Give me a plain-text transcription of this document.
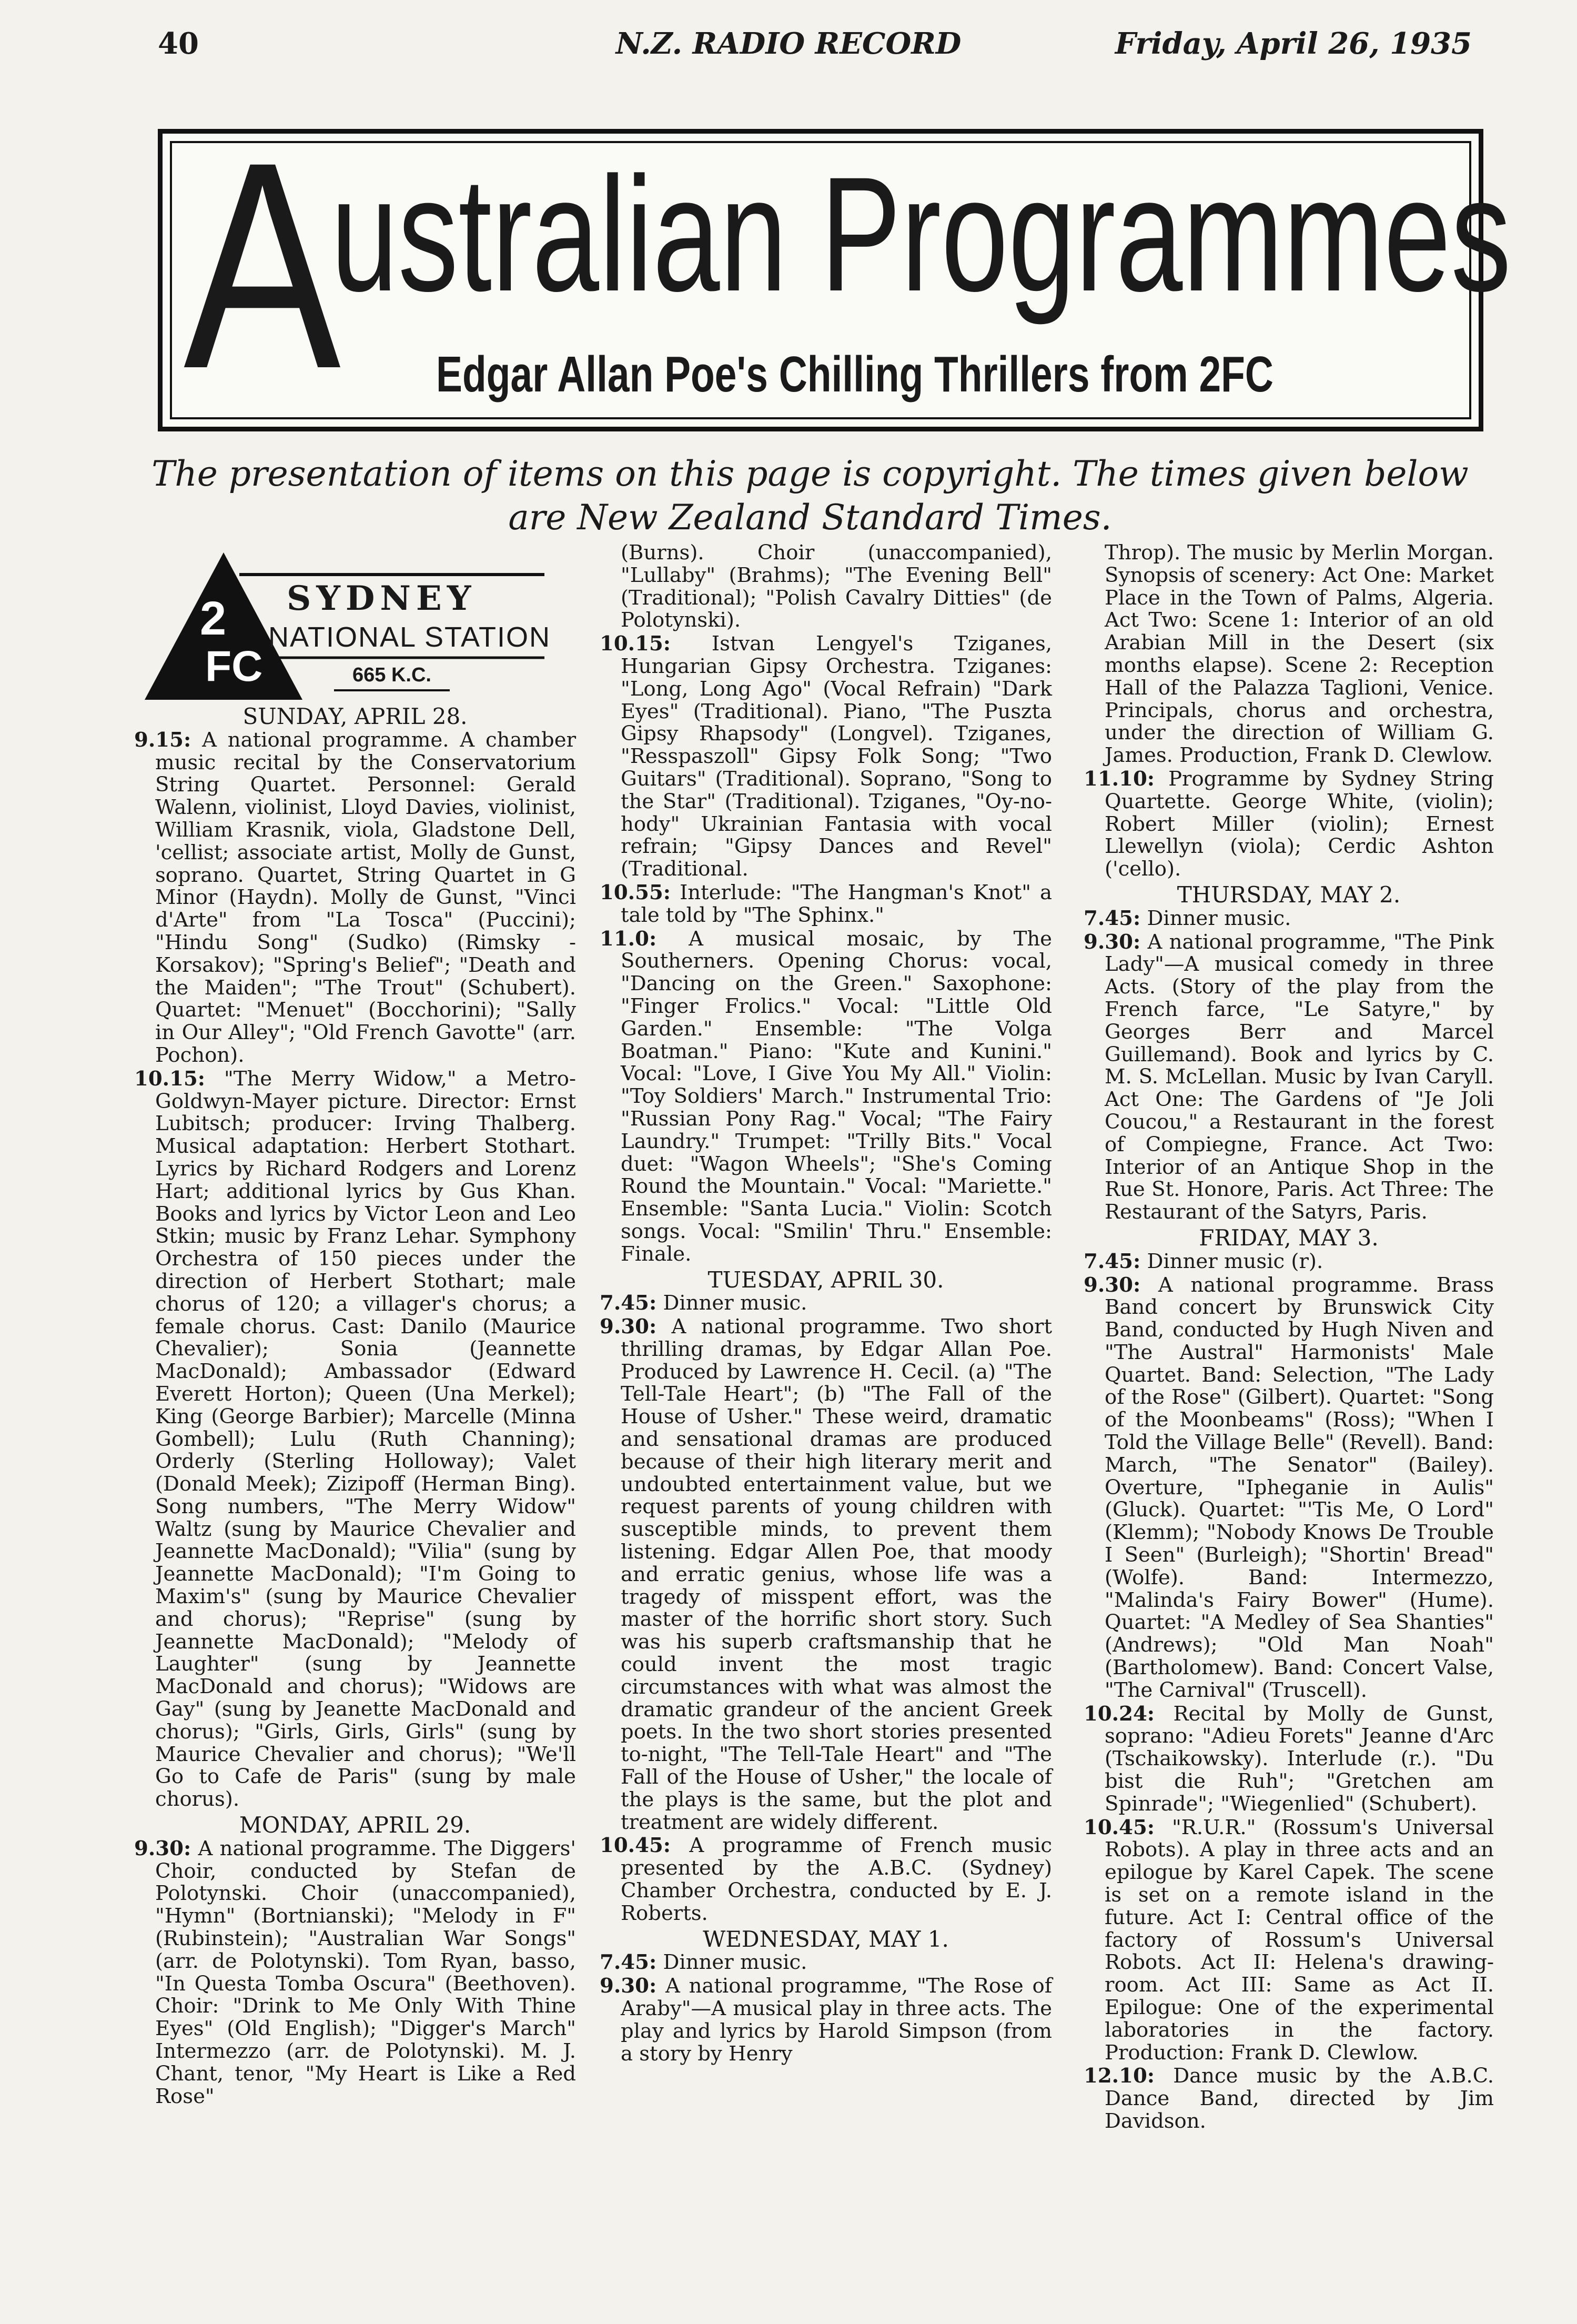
40	N.Z. RADIO RECORD	Friday, April 26, 1935
A
ustralian Programmes
Edgar Allan Poe's Chilling Thrillers from 2FC
The presentation of items on this page is copyright. The times given below are New Zealand Standard Times.
2
FC
SYDNEY
NATIONAL STATION
665 K.C.
SUNDAY, APRIL 28.
9.15: A national programme. A chamber music recital by the Conservatorium String Quartet. Personnel: Gerald Walenn, violinist, Lloyd Davies, violinist, William Krasnik, viola, Gladstone Dell, 'cellist; associate artist, Molly de Gunst, soprano. Quartet, String Quartet in G Minor (Haydn). Molly de Gunst, "Vinci d'Arte" from "La Tosca" (Puccini); "Hindu Song" (Sudko) (Rimsky - Korsakov); "Spring's Belief"; "Death and the Maiden"; "The Trout" (Schubert). Quartet: "Menuet" (Bocchorini); "Sally in Our Alley"; "Old French Gavotte" (arr. Pochon).
10.15: "The Merry Widow," a Metro-Goldwyn-Mayer picture. Director: Ernst Lubitsch; producer: Irving Thalberg. Musical adaptation: Herbert Stothart. Lyrics by Richard Rodgers and Lorenz Hart; additional lyrics by Gus Khan. Books and lyrics by Victor Leon and Leo Stkin; music by Franz Lehar. Symphony Orchestra of 150 pieces under the direction of Herbert Stothart; male chorus of 120; a villager's chorus; a female chorus. Cast: Danilo (Maurice Chevalier); Sonia (Jeannette MacDonald); Ambassador (Edward Everett Horton); Queen (Una Merkel); King (George Barbier); Marcelle (Minna Gombell); Lulu (Ruth Channing); Orderly (Sterling Holloway); Valet (Donald Meek); Zizipoff (Herman Bing). Song numbers, "The Merry Widow" Waltz (sung by Maurice Chevalier and Jeannette MacDonald); "Vilia" (sung by Jeannette MacDonald); "I'm Going to Maxim's" (sung by Maurice Chevalier and chorus); "Reprise" (sung by Jeannette MacDonald); "Melody of Laughter" (sung by Jeannette MacDonald and chorus); "Widows are Gay" (sung by Jeanette MacDonald and chorus); "Girls, Girls, Girls" (sung by Maurice Chevalier and chorus); "We'll Go to Cafe de Paris" (sung by male chorus).
MONDAY, APRIL 29.
9.30: A national programme. The Diggers' Choir, conducted by Stefan de Polotynski. Choir (unaccompanied), "Hymn" (Bortnianski); "Melody in F" (Rubinstein); "Australian War Songs" (arr. de Polotynski). Tom Ryan, basso, "In Questa Tomba Oscura" (Beethoven). Choir: "Drink to Me Only With Thine Eyes" (Old English); "Digger's March" Intermezzo (arr. de Polotynski). M. J. Chant, tenor, "My Heart is Like a Red Rose"
(Burns). Choir (unaccompanied), "Lullaby" (Brahms); "The Evening Bell" (Traditional); "Polish Cavalry Ditties" (de Polotynski).
10.15: Istvan Lengyel's Tziganes, Hungarian Gipsy Orchestra. Tziganes: "Long, Long Ago" (Vocal Refrain) "Dark Eyes" (Traditional). Piano, "The Puszta Gipsy Rhapsody" (Longvel). Tziganes, "Resspaszoll" Gipsy Folk Song; "Two Guitars" (Traditional). Soprano, "Song to the Star" (Traditional). Tziganes, "Oy-no-hody" Ukrainian Fantasia with vocal refrain; "Gipsy Dances and Revel" (Traditional.
10.55: Interlude: "The Hangman's Knot" a tale told by "The Sphinx."
11.0: A musical mosaic, by The Southerners. Opening Chorus: vocal, "Dancing on the Green." Saxophone: "Finger Frolics." Vocal: "Little Old Garden." Ensemble: "The Volga Boatman." Piano: "Kute and Kunini." Vocal: "Love, I Give You My All." Violin: "Toy Soldiers' March." Instrumental Trio: "Russian Pony Rag." Vocal; "The Fairy Laundry." Trumpet: "Trilly Bits." Vocal duet: "Wagon Wheels"; "She's Coming Round the Mountain." Vocal: "Mariette." Ensemble: "Santa Lucia." Violin: Scotch songs. Vocal: "Smilin' Thru." Ensemble: Finale.
TUESDAY, APRIL 30.
7.45: Dinner music.
9.30: A national programme. Two short thrilling dramas, by Edgar Allan Poe. Produced by Lawrence H. Cecil. (a) "The Tell-Tale Heart"; (b) "The Fall of the House of Usher." These weird, dramatic and sensational dramas are produced because of their high literary merit and undoubted entertainment value, but we request parents of young children with susceptible minds, to prevent them listening. Edgar Allen Poe, that moody and erratic genius, whose life was a tragedy of misspent effort, was the master of the horrific short story. Such was his superb craftsmanship that he could invent the most tragic circumstances with what was almost the dramatic grandeur of the ancient Greek poets. In the two short stories presented to-night, "The Tell-Tale Heart" and "The Fall of the House of Usher," the locale of the plays is the same, but the plot and treatment are widely different.
10.45: A programme of French music presented by the A.B.C. (Sydney) Chamber Orchestra, conducted by E. J. Roberts.
WEDNESDAY, MAY 1.
7.45: Dinner music.
9.30: A national programme, "The Rose of Araby"—A musical play in three acts. The play and lyrics by Harold Simpson (from a story by Henry
Throp). The music by Merlin Morgan. Synopsis of scenery: Act One: Market Place in the Town of Palms, Algeria. Act Two: Scene 1: Interior of an old Arabian Mill in the Desert (six months elapse). Scene 2: Reception Hall of the Palazza Taglioni, Venice. Principals, chorus and orchestra, under the direction of William G. James. Production, Frank D. Clewlow.
11.10: Programme by Sydney String Quartette. George White, (violin); Robert Miller (violin); Ernest Llewellyn (viola); Cerdic Ashton ('cello).
THURSDAY, MAY 2.
7.45: Dinner music.
9.30: A national programme, "The Pink Lady"—A musical comedy in three Acts. (Story of the play from the French farce, "Le Satyre," by Georges Berr and Marcel Guillemand). Book and lyrics by C. M. S. McLellan. Music by Ivan Caryll. Act One: The Gardens of "Je Joli Coucou," a Restaurant in the forest of Compiegne, France. Act Two: Interior of an Antique Shop in the Rue St. Honore, Paris. Act Three: The Restaurant of the Satyrs, Paris.
FRIDAY, MAY 3.
7.45: Dinner music (r).
9.30: A national programme. Brass Band concert by Brunswick City Band, conducted by Hugh Niven and "The Austral" Harmonists' Male Quartet. Band: Selection, "The Lady of the Rose" (Gilbert). Quartet: "Song of the Moonbeams" (Ross); "When I Told the Village Belle" (Revell). Band: March, "The Senator" (Bailey). Overture, "Ipheganie in Aulis" (Gluck). Quartet: "'Tis Me, O Lord" (Klemm); "Nobody Knows De Trouble I Seen" (Burleigh); "Shortin' Bread" (Wolfe). Band: Intermezzo, "Malinda's Fairy Bower" (Hume). Quartet: "A Medley of Sea Shanties" (Andrews); "Old Man Noah" (Bartholomew). Band: Concert Valse, "The Carnival" (Truscell).
10.24: Recital by Molly de Gunst, soprano: "Adieu Forets" Jeanne d'Arc (Tschaikowsky). Interlude (r.). "Du bist die Ruh"; "Gretchen am Spinrade"; "Wiegenlied" (Schubert).
10.45: "R.U.R." (Rossum's Universal Robots). A play in three acts and an epilogue by Karel Capek. The scene is set on a remote island in the future. Act I: Central office of the factory of Rossum's Universal Robots. Act II: Helena's drawing-room. Act III: Same as Act II. Epilogue: One of the experimental laboratories in the factory. Production: Frank D. Clewlow.
12.10: Dance music by the A.B.C. Dance Band, directed by Jim Davidson.
